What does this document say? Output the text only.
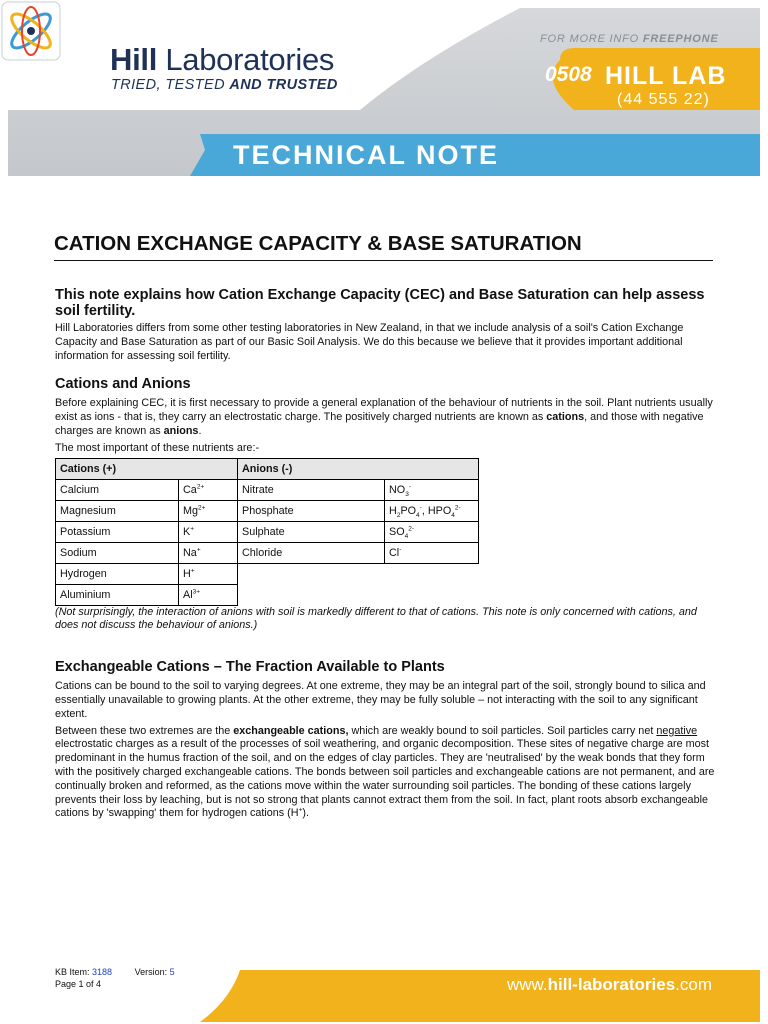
Hill Laboratories
TRIED, TESTED AND TRUSTED
FOR MORE INFO FREEPHONE
0508 HILL LAB
(44 555 22)
TECHNICAL NOTE
CATION EXCHANGE CAPACITY & BASE SATURATION
This note explains how Cation Exchange Capacity (CEC) and Base Saturation can help assess soil fertility.

Hill Laboratories differs from some other testing laboratories in New Zealand, in that we include analysis of a soil's Cation Exchange Capacity and Base Saturation as part of our Basic Soil Analysis. We do this because we believe that it provides important additional information for assessing soil fertility.

Cations and Anions

Before explaining CEC, it is first necessary to provide a general explanation of the behaviour of nutrients in the soil. Plant nutrients usually exist as ions - that is, they carry an electrostatic charge. The positively charged nutrients are known as cations, and those with negative charges are known as anions.

The most important of these nutrients are:-

Cations (+)		Anions (-)	
Calcium	$Ca^{2+}$	Nitrate	$NO_3^-$
Magnesium	$Mg^{2+}$	Phosphate	$H_2PO_4^-$, $HPO_4^{2-}$
Potassium	K+	Sulphate	$SO_4^{2-}$
Sodium	Na+	Chloride	Cl-
Hydrogen	H+	
Aluminium	$Al^{3+}$	

(Not surprisingly, the interaction of anions with soil is markedly different to that of cations. This note is only concerned with cations, and does not discuss the behaviour of anions.)

Exchangeable Cations – The Fraction Available to Plants

Cations can be bound to the soil to varying degrees. At one extreme, they may be an integral part of the soil, strongly bound to silica and essentially unavailable to growing plants. At the other extreme, they may be fully soluble – not interacting with the soil to any significant extent.

Between these two extremes are the exchangeable cations, which are weakly bound to soil particles. Soil particles carry net negative electrostatic charges as a result of the processes of soil weathering, and organic decomposition. These sites of negative charge are most predominant in the humus fraction of the soil, and on the edges of clay particles. They are 'neutralised' by the weak bonds that they form with the positively charged exchangeable cations. The bonds between soil particles and exchangeable cations are not permanent, and are continually broken and reformed, as the cations move within the water surrounding soil particles. The bonding of these cations largely prevents their loss by leaching, but is not so strong that plants cannot extract them from the soil. In fact, plant roots absorb exchangeable cations by 'swapping' them for hydrogen cations (H+).

KB Item: 3188	Version: 5
Page 1 of 4	www.hill-laboratories.com
